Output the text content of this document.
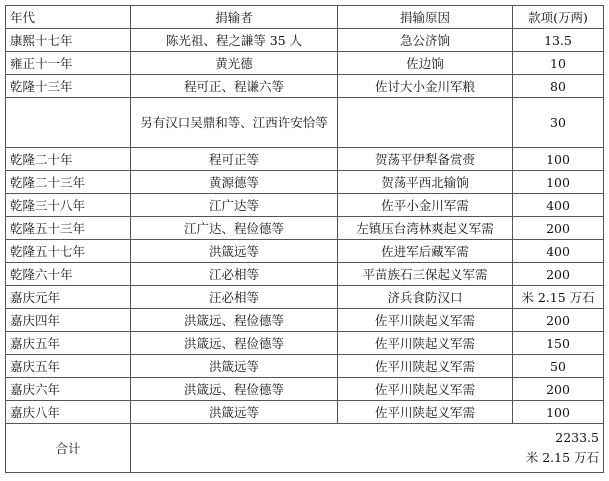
年代	捐输者	捐输原因	款项(万两)
康熙十七年	陈光祖、程之謙等 35 人	急公济饷	13.5
雍正十一年	黄光德	佐边饷	10
乾隆十三年	程可正、程谦六等	佐讨大小金川军粮	80
	另有汉口吴鼎和等、江西许安恰等		30
乾隆二十年	程可正等	贺荡平伊犁备赏赍	100
乾隆二十三年	黄源德等	贺荡平西北输饷	100
乾隆三十八年	江广达等	佐平小金川军需	400
乾隆五十三年	江广达、程俭德等	左镇压台湾林爽起义军需	200
乾隆五十七年	洪箴远等	佐进军后藏军需	400
乾隆六十年	江必相等	平苗族石三保起义军需	200
嘉庆元年	汪必相等	济兵食防汉口	米 2.15 万石
嘉庆四年	洪箴远、程俭德等	佐平川陕起义军需	200
嘉庆五年	洪箴远、程俭德等	佐平川陕起义军需	150
嘉庆五年	洪箴远等	佐平川陕起义军需	50
嘉庆六年	洪箴远、程俭德等	佐平川陕起义军需	200
嘉庆八年	洪箴远等	佐平川陕起义军需	100
合计	2233.5
米 2.15 万石		
